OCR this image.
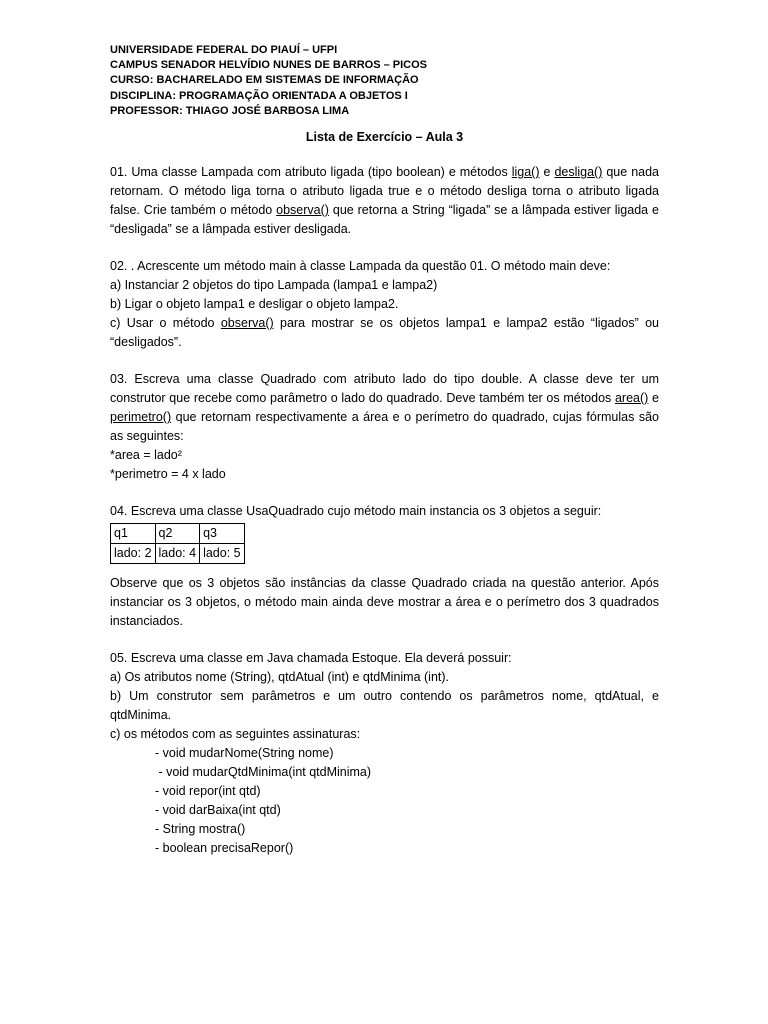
UNIVERSIDADE FEDERAL DO PIAUÍ – UFPI
CAMPUS SENADOR HELVÍDIO NUNES DE BARROS – PICOS
CURSO: BACHARELADO EM SISTEMAS DE INFORMAÇÃO
DISCIPLINA: PROGRAMAÇÃO ORIENTADA A OBJETOS I
PROFESSOR: THIAGO JOSÉ BARBOSA LIMA
Lista de Exercício – Aula 3

01. Uma classe Lampada com atributo ligada (tipo boolean) e métodos liga() e desliga() que nada retornam. O método liga torna o atributo ligada true e o método desliga torna o atributo ligada false. Crie também o método observa() que retorna a String “ligada” se a lâmpada estiver ligada e “desligada” se a lâmpada estiver desligada.

02. . Acrescente um método main à classe Lampada da questão 01. O método main deve:

a) Instanciar 2 objetos do tipo Lampada (lampa1 e lampa2)

b) Ligar o objeto lampa1 e desligar o objeto lampa2.

c) Usar o método observa() para mostrar se os objetos lampa1 e lampa2 estão “ligados” ou “desligados”.

03. Escreva uma classe Quadrado com atributo lado do tipo double. A classe deve ter um construtor que recebe como parâmetro o lado do quadrado. Deve também ter os métodos area() e perimetro() que retornam respectivamente a área e o perímetro do quadrado, cujas fórmulas são as seguintes:

*area = lado²

*perimetro = 4 x lado

04. Escreva uma classe UsaQuadrado cujo método main instancia os 3 objetos a seguir:

q1	q2	q3
lado: 2	lado: 4	lado: 5

Observe que os 3 objetos são instâncias da classe Quadrado criada na questão anterior. Após instanciar os 3 objetos, o método main ainda deve mostrar a área e o perímetro dos 3 quadrados instanciados.

05. Escreva uma classe em Java chamada Estoque. Ela deverá possuir:

a) Os atributos nome (String), qtdAtual (int) e qtdMinima (int).

b) Um construtor sem parâmetros e um outro contendo os parâmetros nome, qtdAtual, e qtdMinima.

c) os métodos com as seguintes assinaturas:

- void mudarNome(String nome)

- void mudarQtdMinima(int qtdMinima)

- void repor(int qtd)

- void darBaixa(int qtd)

- String mostra()

- boolean precisaRepor()
